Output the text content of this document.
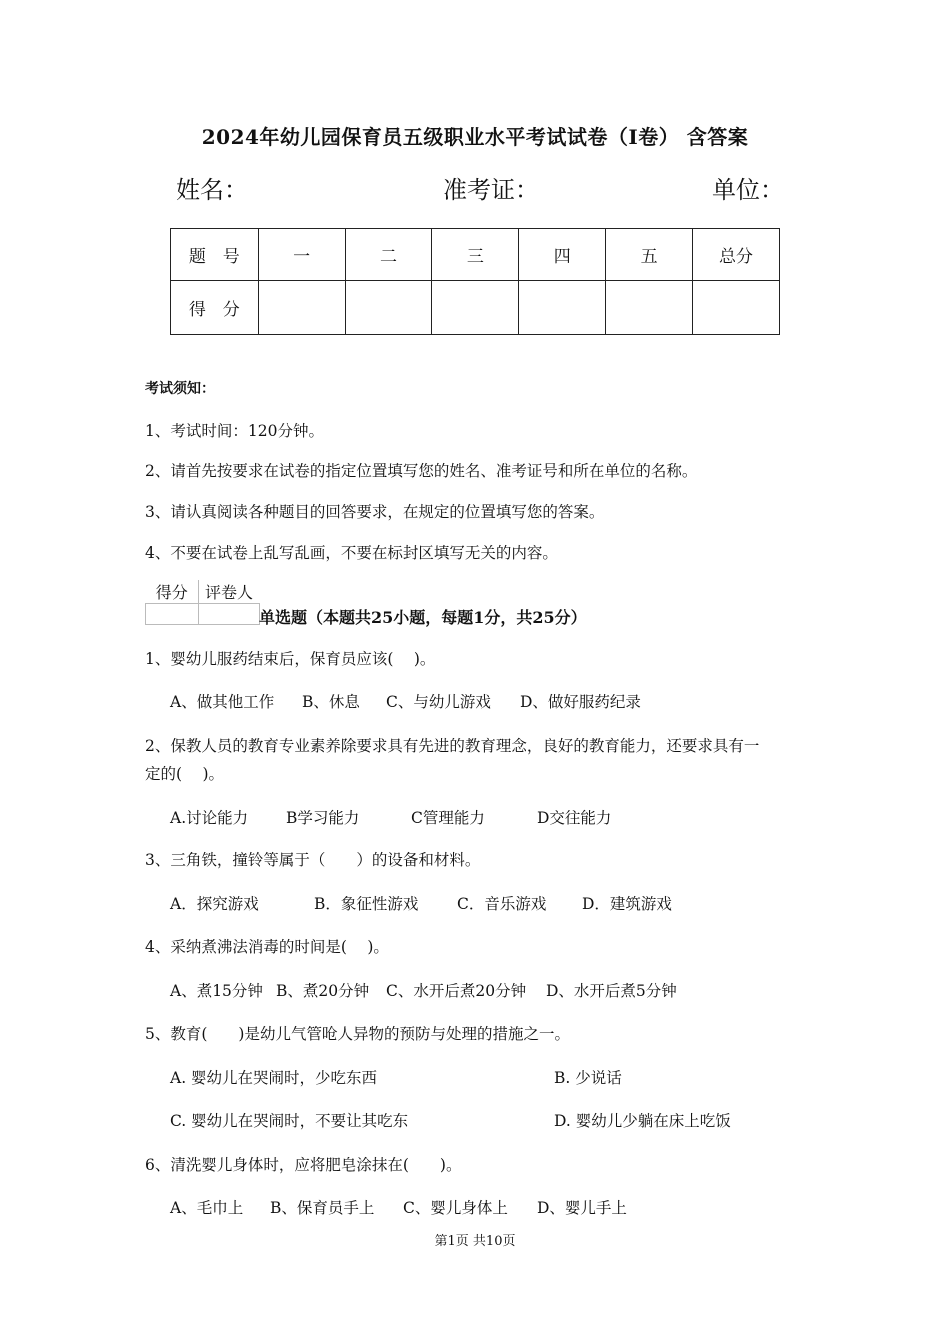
2024年幼儿园保育员五级职业水平考试试卷（I卷） 含答案
姓名：	准考证：	单位：
题　号	一	二	三	四	五	总分
得　分						
考试须知：
1、考试时间：120分钟。
2、请首先按要求在试卷的指定位置填写您的姓名、准考证号和所在单位的名称。
3、请认真阅读各种题目的回答要求，在规定的位置填写您的答案。
4、不要在试卷上乱写乱画，不要在标封区填写无关的内容。
得分	评卷人

单选题（本题共25小题，每题1分，共25分）
1、婴幼儿服药结束后，保育员应该(　 )。
A、做其他工作 B、休息 C、与幼儿游戏 D、做好服药纪录
2、保教人员的教育专业素养除要求具有先进的教育理念，良好的教育能力，还要求具有一
定的(　 )。
A.讨论能力 B学习能力	C管理能力	D交往能力
3、三角铁，撞铃等属于（　　）的设备和材料。
A．探究游戏	B．象征性游戏 C．音乐游戏 D．建筑游戏
4、采纳煮沸法消毒的时间是(　 )。
A、煮15分钟 B、煮20分钟 C、水开后煮20分钟 D、水开后煮5分钟
5、教育(　　)是幼儿气管呛人异物的预防与处理的措施之一。
A. 婴幼儿在哭闹时，少吃东西	B. 少说话
C. 婴幼儿在哭闹时，不要让其吃东	D. 婴幼儿少躺在床上吃饭
6、清洗婴儿身体时，应将肥皂涂抹在(　　)。
A、毛巾上 B、保育员手上 C、婴儿身体上 D、婴儿手上
第1页 共10页
